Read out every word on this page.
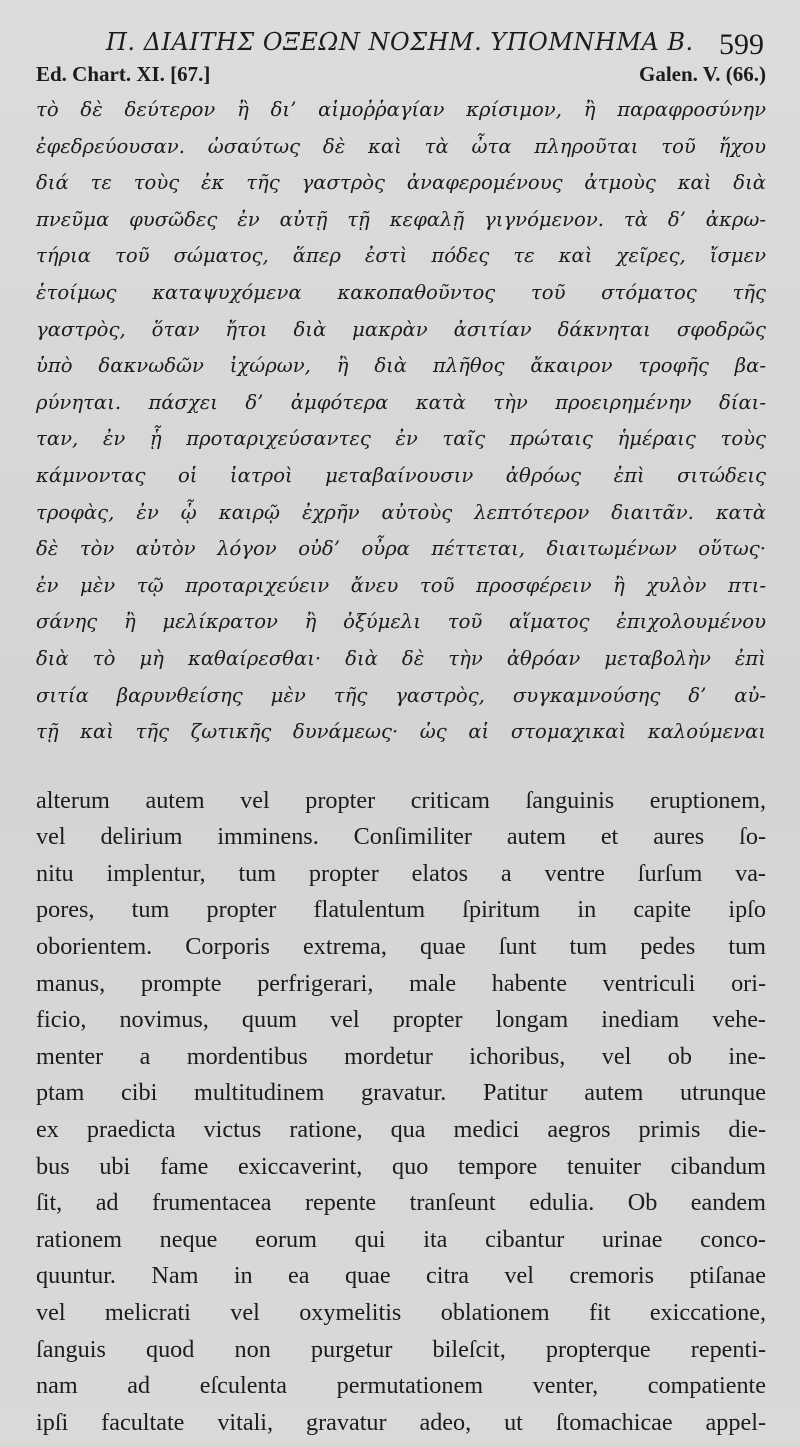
Π. ΔΙΑΙΤΗΣ ΟΞΕΩΝ ΝΟΣΗΜ. ΥΠΟΜΝΗΜΑ Β. 599
Ed. Chart. XI. [67.]	Galen. V. (66.)
τὸ δὲ δεύτερον ἢ δι’ αἱμοῤῥαγίαν κρίσιμον, ἢ παραφροσύνην
ἐφεδρεύουσαν. ὡσαύτως δὲ καὶ τὰ ὦτα πληροῦται τοῦ ἤχου
διά τε τοὺς ἐκ τῆς γαστρὸς ἀναφερομένους ἀτμοὺς καὶ διὰ
πνεῦμα φυσῶδες ἐν αὐτῇ τῇ κεφαλῇ γιγνόμενον. τὰ δ’ ἀκρω-
τήρια τοῦ σώματος, ἅπερ ἐστὶ πόδες τε καὶ χεῖρες, ἴσμεν
ἑτοίμως καταψυχόμενα κακοπαθοῦντος τοῦ στόματος τῆς
γαστρὸς, ὅταν ἤτοι διὰ μακρὰν ἀσιτίαν δάκνηται σφοδρῶς
ὑπὸ δακνωδῶν ἰχώρων, ἢ διὰ πλῆθος ἄκαιρον τροφῆς βα-
ρύνηται. πάσχει δ’ ἀμφότερα κατὰ τὴν προειρημένην δίαι-
ταν, ἐν ᾗ προταριχεύσαντες ἐν ταῖς πρώταις ἡμέραις τοὺς
κάμνοντας οἱ ἰατροὶ μεταβαίνουσιν ἀθρόως ἐπὶ σιτώδεις
τροφὰς, ἐν ᾧ καιρῷ ἐχρῆν αὐτοὺς λεπτότερον διαιτᾶν. κατὰ
δὲ τὸν αὐτὸν λόγον οὐδ’ οὖρα πέττεται, διαιτωμένων οὕτως·
ἐν μὲν τῷ προταριχεύειν ἄνευ τοῦ προσφέρειν ἢ χυλὸν πτι-
σάνης ἢ μελίκρατον ἢ ὀξύμελι τοῦ αἵματος ἐπιχολουμένου
διὰ τὸ μὴ καθαίρεσθαι· διὰ δὲ τὴν ἀθρόαν μεταβολὴν ἐπὶ
σιτία βαρυνθείσης μὲν τῆς γαστρὸς, συγκαμνούσης δ’ αὐ-
τῇ καὶ τῆς ζωτικῆς δυνάμεως· ὡς αἱ στομαχικαὶ καλούμεναι
alterum autem vel propter criticam ſanguinis eruptionem,
vel delirium imminens. Conſimiliter autem et aures ſo-
nitu implentur, tum propter elatos a ventre ſurſum va-
pores, tum propter flatulentum ſpiritum in capite ipſo
oborientem. Corporis extrema, quae ſunt tum pedes tum
manus, prompte perfrigerari, male habente ventriculi ori-
ficio, novimus, quum vel propter longam inediam vehe-
menter a mordentibus mordetur ichoribus, vel ob ine-
ptam cibi multitudinem gravatur. Patitur autem utrunque
ex praedicta victus ratione, qua medici aegros primis die-
bus ubi fame exiccaverint, quo tempore tenuiter cibandum
ſit, ad frumentacea repente tranſeunt edulia. Ob eandem
rationem neque eorum qui ita cibantur urinae conco-
quuntur. Nam in ea quae citra vel cremoris ptiſanae
vel melicrati vel oxymelitis oblationem fit exiccatione,
ſanguis quod non purgetur bileſcit, propterque repenti-
nam ad eſculenta permutationem venter, compatiente
ipſi facultate vitali, gravatur adeo, ut ſtomachicae appel-
